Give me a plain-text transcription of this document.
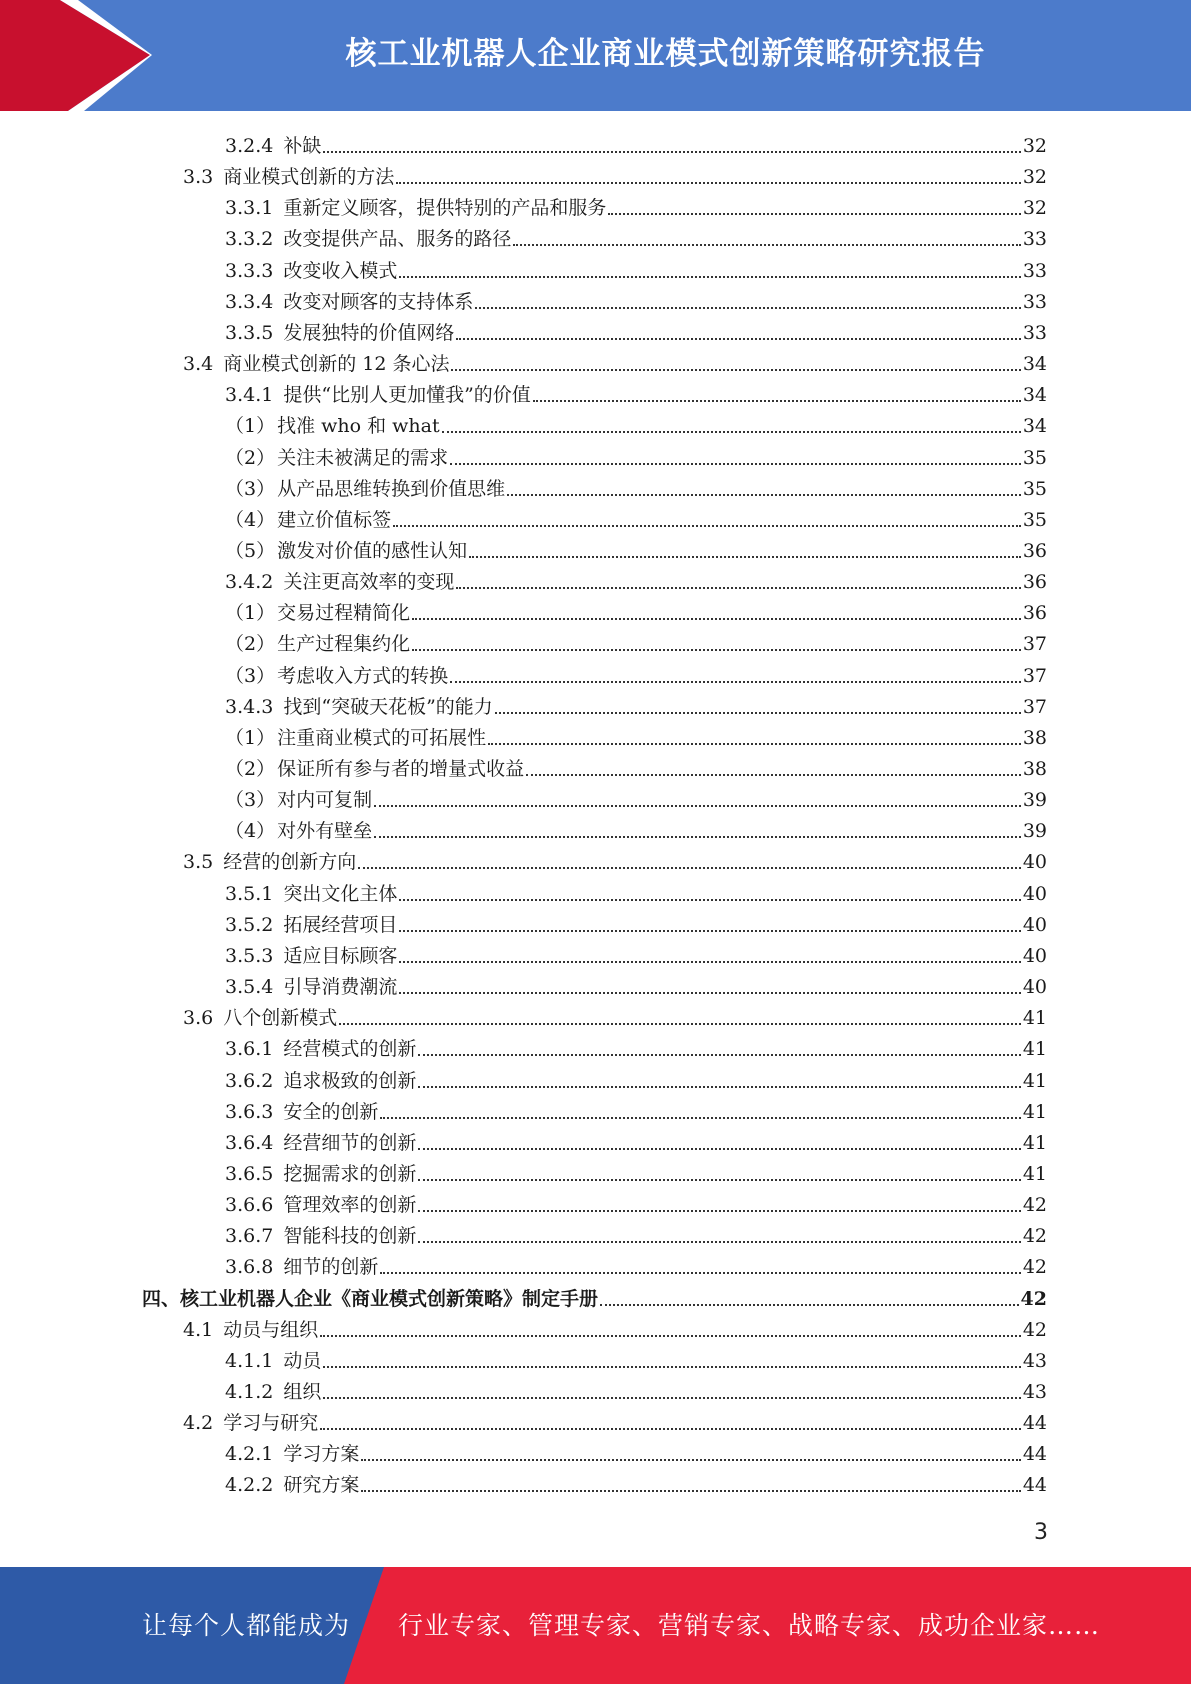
核工业机器人企业商业模式创新策略研究报告
3.2.4 补缺	32
3.3 商业模式创新的方法	32
3.3.1 重新定义顾客，提供特别的产品和服务	32
3.3.2 改变提供产品、服务的路径	33
3.3.3 改变收入模式	33
3.3.4 改变对顾客的支持体系	33
3.3.5 发展独特的价值网络	33
3.4 商业模式创新的 12 条心法	34
3.4.1 提供“比别人更加懂我”的价值	34
（1） 找准 who 和 what	34
（2） 关注未被满足的需求	35
（3） 从产品思维转换到价值思维	35
（4） 建立价值标签	35
（5） 激发对价值的感性认知	36
3.4.2 关注更高效率的变现	36
（1） 交易过程精简化	36
（2） 生产过程集约化	37
（3） 考虑收入方式的转换	37
3.4.3 找到“突破天花板”的能力	37
（1） 注重商业模式的可拓展性	38
（2） 保证所有参与者的增量式收益	38
（3） 对内可复制	39
（4） 对外有壁垒	39
3.5 经营的创新方向	40
3.5.1 突出文化主体	40
3.5.2 拓展经营项目	40
3.5.3 适应目标顾客	40
3.5.4 引导消费潮流	40
3.6 八个创新模式	41
3.6.1 经营模式的创新	41
3.6.2 追求极致的创新	41
3.6.3 安全的创新	41
3.6.4 经营细节的创新	41
3.6.5 挖掘需求的创新	41
3.6.6 管理效率的创新	42
3.6.7 智能科技的创新	42
3.6.8 细节的创新	42
四、核工业机器人企业《商业模式创新策略》制定手册	42
4.1 动员与组织	42
4.1.1 动员	43
4.1.2 组织	43
4.2 学习与研究	44
4.2.1 学习方案	44
4.2.2 研究方案	44
3
让每个人都能成为 行业专家、管理专家、营销专家、战略专家、成功企业家……
